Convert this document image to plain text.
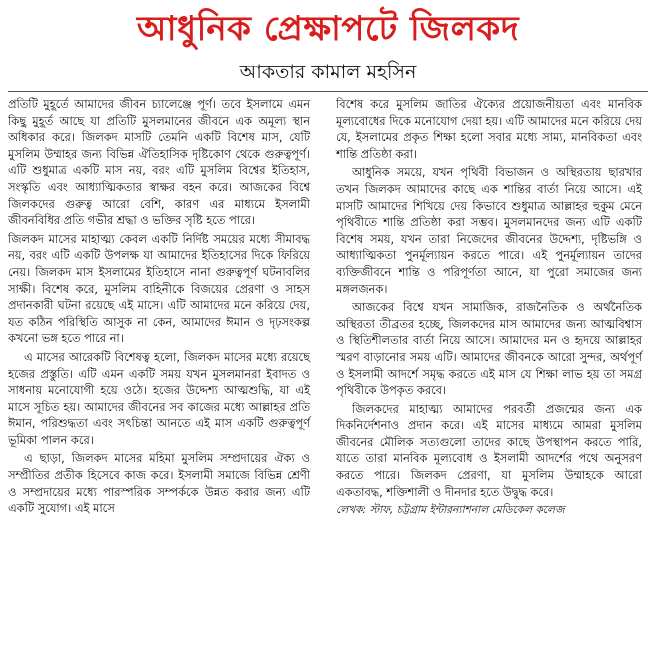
আধুনিক প্রেক্ষাপটে জিলকদ
আকতার কামাল মহসিন

প্রতিটি মুহূর্তে আমাদের জীবন চ্যালেঞ্জে পূর্ণ। তবে ইসলামে এমন কিছু মুহূর্ত আছে যা প্রতিটি মুসলমানের জীবনে এক অমূল্য স্থান অধিকার করে। জিলকদ মাসটি তেমনি একটি বিশেষ মাস, যেটি মুসলিম উম্মাহর জন্য বিভিন্ন ঐতিহাসিক দৃষ্টিকোণ থেকে গুরুত্বপূর্ণ। এটি শুধুমাত্র একটি মাস নয়, বরং এটি মুসলিম বিশ্বের ইতিহাস, সংস্কৃতি এবং আধ্যাত্মিকতার স্বাক্ষর বহন করে। আজকের বিশ্বে জিলকদের গুরুত্ব আরো বেশি, কারণ এর মাধ্যমে ইসলামী জীবনবিধির প্রতি গভীর শ্রদ্ধা ও ভক্তির সৃষ্টি হতে পারে।

জিলকদ মাসের মাহাত্ম্য কেবল একটি নির্দিষ্ট সময়ের মধ্যে সীমাবদ্ধ নয়, বরং এটি একটি উপলক্ষ যা আমাদের ইতিহাসের দিকে ফিরিয়ে নেয়। জিলকদ মাস ইসলামের ইতিহাসে নানা গুরুত্বপূর্ণ ঘটনাবলির সাক্ষী। বিশেষ করে, মুসলিম বাহিনীকে বিজয়ের প্রেরণা ও সাহস প্রদানকারী ঘটনা রয়েছে এই মাসে। এটি আমাদের মনে করিয়ে দেয়, যত কঠিন পরিস্থিতি আসুক না কেন, আমাদের ঈমান ও দৃঢ়সংকল্প কখনো ভঙ্গ হতে পারে না।

এ মাসের আরেকটি বিশেষত্ব হলো, জিলকদ মাসের মধ্যে রয়েছে হজের প্রস্তুতি। এটি এমন একটি সময় যখন মুসলমানরা ইবাদত ও সাধনায় মনোযোগী হয়ে ওঠে। হজের উদ্দেশ্য আত্মশুদ্ধি, যা এই মাসে সূচিত হয়। আমাদের জীবনের সব কাজের মধ্যে আল্লাহর প্রতি ঈমান, পরিশুদ্ধতা এবং সৎচিন্তা আনতে এই মাস একটি গুরুত্বপূর্ণ ভূমিকা পালন করে।

এ ছাড়া, জিলকদ মাসের মহিমা মুসলিম সম্প্রদায়ের ঐক্য ও সম্প্রীতির প্রতীক হিসেবে কাজ করে। ইসলামী সমাজে বিভিন্ন শ্রেণী ও সম্প্রদায়ের মধ্যে পারস্পরিক সম্পর্ককে উন্নত করার জন্য এটি একটি সুযোগ। এই মাসে

বিশেষ করে মুসলিম জাতির ঐক্যের প্রয়োজনীয়তা এবং মানবিক মূল্যবোধের দিকে মনোযোগ দেয়া হয়। এটি আমাদের মনে করিয়ে দেয় যে, ইসলামের প্রকৃত শিক্ষা হলো সবার মধ্যে সাম্য, মানবিকতা এবং শান্তি প্রতিষ্ঠা করা।

আধুনিক সময়ে, যখন পৃথিবী বিভাজন ও অস্থিরতায় ছারখার তখন জিলকদ আমাদের কাছে এক শান্তির বার্তা নিয়ে আসে। এই মাসটি আমাদের শিখিয়ে দেয় কিভাবে শুধুমাত্র আল্লাহর হুকুম মেনে পৃথিবীতে শান্তি প্রতিষ্ঠা করা সম্ভব। মুসলমানদের জন্য এটি একটি বিশেষ সময়, যখন তারা নিজেদের জীবনের উদ্দেশ্য, দৃষ্টিভঙ্গি ও আধ্যাত্মিকতা পুনর্মূল্যায়ন করতে পারে। এই পুনর্মূল্যায়ন তাদের ব্যক্তিজীবনে শান্তি ও পরিপূর্ণতা আনে, যা পুরো সমাজের জন্য মঙ্গলজনক।

আজকের বিশ্বে যখন সামাজিক, রাজনৈতিক ও অর্থনৈতিক অস্থিরতা তীব্রতর হচ্ছে, জিলকদের মাস আমাদের জন্য আত্মবিশ্বাস ও স্থিতিশীলতার বার্তা নিয়ে আসে। আমাদের মন ও হৃদয়ে আল্লাহর স্মরণ বাড়ানোর সময় এটি। আমাদের জীবনকে আরো সুন্দর, অর্থপূর্ণ ও ইসলামী আদর্শে সমৃদ্ধ করতে এই মাস যে শিক্ষা লাভ হয় তা সমগ্র পৃথিবীকে উপকৃত করবে।

জিলকদের মাহাত্ম্য আমাদের পরবর্তী প্রজন্মের জন্য এক দিকনির্দেশনাও প্রদান করে। এই মাসের মাধ্যমে আমরা মুসলিম জীবনের মৌলিক সত্যগুলো তাদের কাছে উপস্থাপন করতে পারি, যাতে তারা মানবিক মূল্যবোধ ও ইসলামী আদর্শের পথে অনুসরণ করতে পারে। জিলকদ প্রেরণা, যা মুসলিম উম্মাহকে আরো একতাবদ্ধ, শক্তিশালী ও দীনদার হতে উদ্বুদ্ধ করে।

লেখক: স্টাফ, চট্টগ্রাম ইন্টারন্যাশনাল মেডিকেল কলেজ
